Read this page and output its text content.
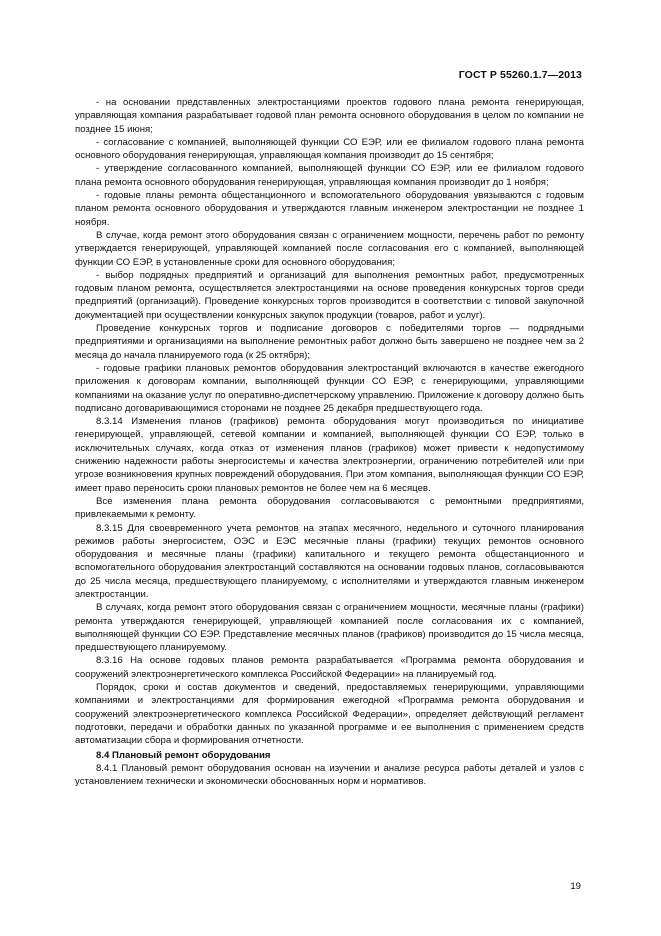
ГОСТ Р 55260.1.7—2013

- на основании представленных электростанциями проектов годового плана ремонта генерирующая, управляющая компания разрабатывает годовой план ремонта основного оборудования в целом по компании не позднее 15 июня;

- согласование с компанией, выполняющей функции СО ЕЭР, или ее филиалом годового плана ремонта основного оборудования генерирующая, управляющая компания производит до 15 сентября;

- утверждение согласованного компанией, выполняющей функции СО ЕЭР, или ее филиалом годового плана ремонта основного оборудования генерирующая, управляющая компания производит до 1 ноября;

- годовые планы ремонта общестанционного и вспомогательного оборудования увязываются с годовым планом ремонта основного оборудования и утверждаются главным инженером электростанции не позднее 1 ноября.

В случае, когда ремонт этого оборудования связан с ограничением мощности, перечень работ по ремонту утверждается генерирующей, управляющей компанией после согласования его с компанией, выполняющей функции СО ЕЭР, в установленные сроки для основного оборудования;

- выбор подрядных предприятий и организаций для выполнения ремонтных работ, предусмотренных годовым планом ремонта, осуществляется электростанциями на основе проведения конкурсных торгов среди предприятий (организаций). Проведение конкурсных торгов производится в соответствии с типовой закупочной документацией при осуществлении конкурсных закупок продукции (товаров, работ и услуг).

Проведение конкурсных торгов и подписание договоров с победителями торгов — подрядными предприятиями и организациями на выполнение ремонтных работ должно быть завершено не позднее чем за 2 месяца до начала планируемого года (к 25 октября);

- годовые графики плановых ремонтов оборудования электростанций включаются в качестве ежегодного приложения к договорам компании, выполняющей функции СО ЕЭР, с генерирующими, управляющими компаниями на оказание услуг по оперативно-диспетчерскому управлению. Приложение к договору должно быть подписано договаривающимися сторонами не позднее 25 декабря предшествующего года.

8.3.14 Изменения планов (графиков) ремонта оборудования могут производиться по инициативе генерирующей, управляющей, сетевой компании и компанией, выполняющей функции СО ЕЭР, только в исключительных случаях, когда отказ от изменения планов (графиков) может привести к недопустимому снижению надежности работы энергосистемы и качества электроэнергии, ограничению потребителей или при угрозе возникновения крупных повреждений оборудования. При этом компания, выполняющая функции СО ЕЭР, имеет право переносить сроки плановых ремонтов не более чем на 6 месяцев.

Все изменения плана ремонта оборудования согласовываются с ремонтными предприятиями, привлекаемыми к ремонту.

8.3.15 Для своевременного учета ремонтов на этапах месячного, недельного и суточного планирования режимов работы энергосистем, ОЭС и ЕЭС месячные планы (графики) текущих ремонтов основного оборудования и месячные планы (графики) капитального и текущего ремонта общестанционного и вспомогательного оборудования электростанций составляются на основании годовых планов, согласовываются до 25 числа месяца, предшествующего планируемому, с исполнителями и утверждаются главным инженером электростанции.

В случаях, когда ремонт этого оборудования связан с ограничением мощности, месячные планы (графики) ремонта утверждаются генерирующей, управляющей компанией после согласования их с компанией, выполняющей функции СО ЕЭР. Представление месячных планов (графиков) производится до 15 числа месяца, предшествующего планируемому.

8.3.16 На основе годовых планов ремонта разрабатывается «Программа ремонта оборудования и сооружений электроэнергетического комплекса Российской Федерации» на планируемый год.

Порядок, сроки и состав документов и сведений, предоставляемых генерирующими, управляющими компаниями и электростанциями для формирования ежегодной «Программа ремонта оборудования и сооружений электроэнергетического комплекса Российской Федерации», определяет действующий регламент подготовки, передачи и обработки данных по указанной программе и ее выполнения с применением средств автоматизации сбора и формирования отчетности.

8.4 Плановый ремонт оборудования

8.4.1 Плановый ремонт оборудования основан на изучении и анализе ресурса работы деталей и узлов с установлением технически и экономически обоснованных норм и нормативов.

19
